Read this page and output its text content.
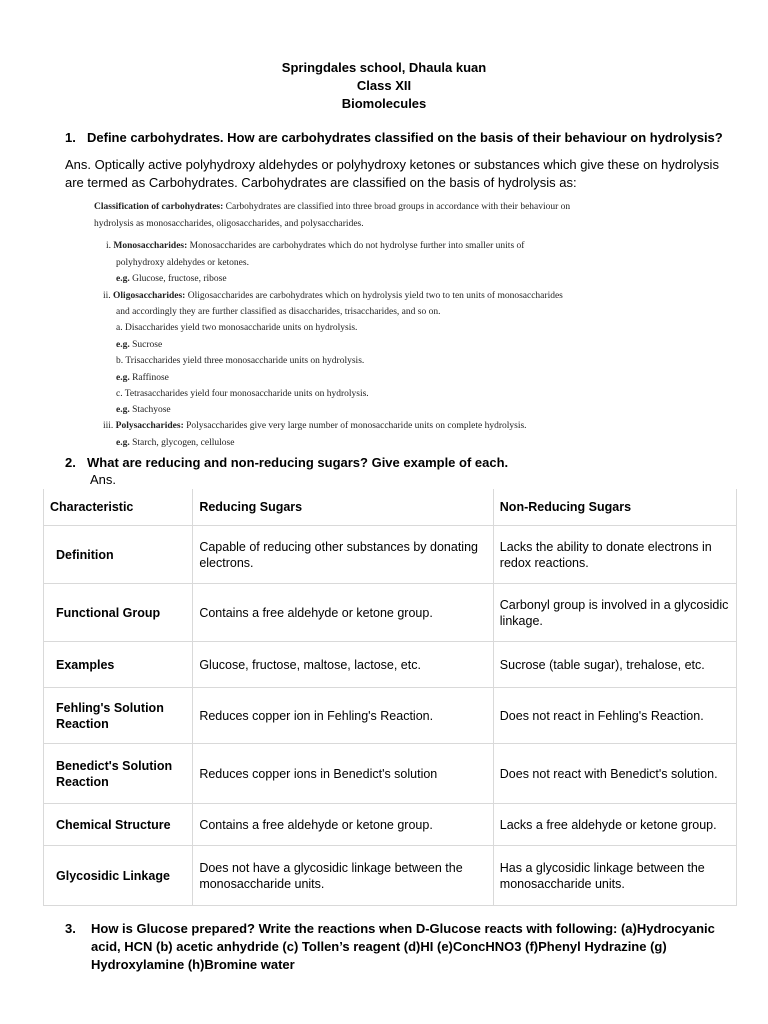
Springdales school, Dhaula kuan
Class XII
Biomolecules
1. Define carbohydrates. How are carbohydrates classified on the basis of their behaviour on hydrolysis?
Ans. Optically active polyhydroxy aldehydes or polyhydroxy ketones or substances which give these on hydrolysis are termed as Carbohydrates. Carbohydrates are classified on the basis of hydrolysis as:
Classification of carbohydrates: Carbohydrates are classified into three broad groups in accordance with their behaviour on
hydrolysis as monosaccharides, oligosaccharides, and polysaccharides.
i. Monosaccharides: Monosaccharides are carbohydrates which do not hydrolyse further into smaller units of
polyhydroxy aldehydes or ketones.
e.g. Glucose, fructose, ribose
ii. Oligosaccharides: Oligosaccharides are carbohydrates which on hydrolysis yield two to ten units of monosaccharides
and accordingly they are further classified as disaccharides, trisaccharides, and so on.
a. Disaccharides yield two monosaccharide units on hydrolysis.
e.g. Sucrose
b. Trisaccharides yield three monosaccharide units on hydrolysis.
e.g. Raffinose
c. Tetrasaccharides yield four monosaccharide units on hydrolysis.
e.g. Stachyose
iii. Polysaccharides: Polysaccharides give very large number of monosaccharide units on complete hydrolysis.
e.g. Starch, glycogen, cellulose
2. What are reducing and non-reducing sugars? Give example of each.
Ans.
Characteristic	Reducing Sugars	Non-Reducing Sugars
Definition	Capable of reducing other substances by donating electrons.	Lacks the ability to donate electrons in redox reactions.
Functional Group	Contains a free aldehyde or ketone group.	Carbonyl group is involved in a glycosidic linkage.
Examples	Glucose, fructose, maltose, lactose, etc.	Sucrose (table sugar), trehalose, etc.
Fehling's Solution Reaction	Reduces copper ion in Fehling's Reaction.	Does not react in Fehling's Reaction.
Benedict's Solution Reaction	Reduces copper ions in Benedict's solution	Does not react with Benedict's solution.
Chemical Structure	Contains a free aldehyde or ketone group.	Lacks a free aldehyde or ketone group.
Glycosidic Linkage	Does not have a glycosidic linkage between the monosaccharide units.	Has a glycosidic linkage between the monosaccharide units.
3. How is Glucose prepared? Write the reactions when D-Glucose reacts with following: (a)Hydrocyanic acid, HCN (b) acetic anhydride (c) Tollen’s reagent (d)HI (e)ConcHNO3 (f)Phenyl Hydrazine (g) Hydroxylamine (h)Bromine water
